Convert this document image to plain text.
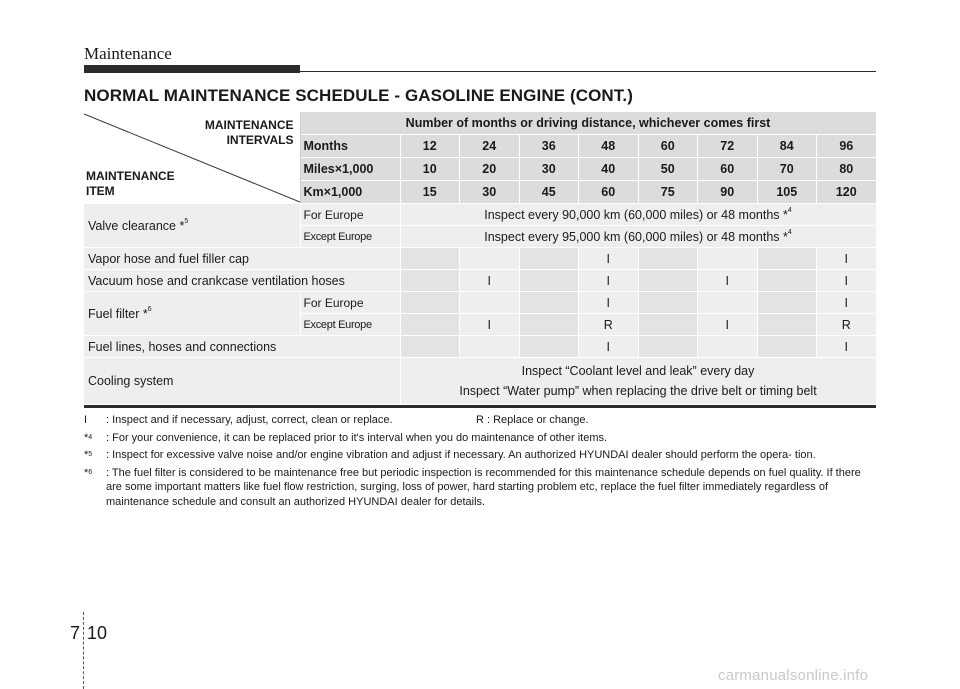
Maintenance
NORMAL MAINTENANCE SCHEDULE - GASOLINE ENGINE (CONT.)
MAINTENANCE
INTERVALS
MAINTENANCE
ITEM	Number of months or driving distance, whichever comes first								
	Months	12	24	36	48	60	72	84	96
	Miles×1,000	10	20	30	40	50	60	70	80
	Km×1,000	15	30	45	60	75	90	105	120
Valve clearance *$^5$	For Europe	Inspect every 90,000 km (60,000 miles) or 48 months *$^4$
	Except Europe	Inspect every 95,000 km (60,000 miles) or 48 months *$^4$
Vapor hose and fuel filler cap					I				I
Vacuum hose and crankcase ventilation hoses			I		I		I		I
Fuel filter *$^6$	For Europe				I				I
	Except Europe		I		R		I		R
Fuel lines, hoses and connections					I				I
Cooling system		Inspect “Coolant level and leak” every day
Inspect “Water pump” when replacing the drive belt or timing belt							
I : Inspect and if necessary, adjust, correct, clean or replace.	R : Replace or change.
*$^4$ : For your convenience, it can be replaced prior to it's interval when you do maintenance of other items.
*$^5$ : Inspect for excessive valve noise and/or engine vibration and adjust if necessary. An authorized HYUNDAI dealer should perform the opera- tion.
*$^6$ : The fuel filter is considered to be maintenance free but periodic inspection is recommended for this maintenance schedule depends on fuel quality. If there are some important matters like fuel flow restriction, surging, loss of power, hard starting problem etc, replace the fuel filter immediately regardless of maintenance schedule and consult an authorized HYUNDAI dealer for details.
7 10
carmanualsonline.info
